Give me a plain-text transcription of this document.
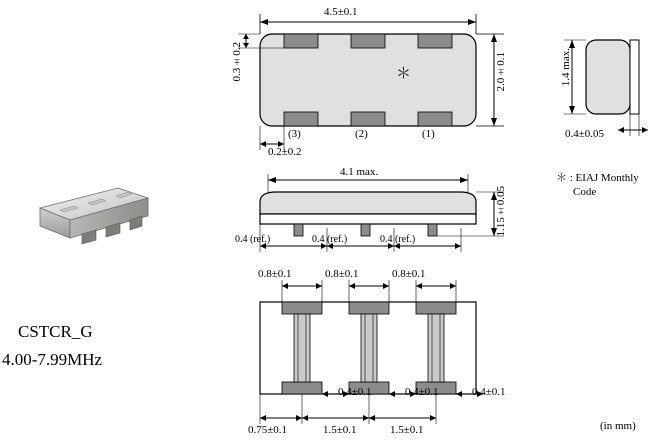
4.5±0.1
2.0±0.1
0.3±0.2
0.2±0.2
＊
(3)	(2)	(1)
1.4 max.
0.4±0.05
＊ : EIAJ Monthly
Code
4.1 max.
1.15±0.05
0.4 (ref.)	0.4 (ref.)	0.4 (ref.)
0.8±0.1	0.8±0.1	0.8±0.1
0.4±0.1	0.4±0.1	0.4±0.1
0.75±0.1	1.5±0.1	1.5±0.1
CSTCR_G
4.00-7.99MHz
(in mm)
